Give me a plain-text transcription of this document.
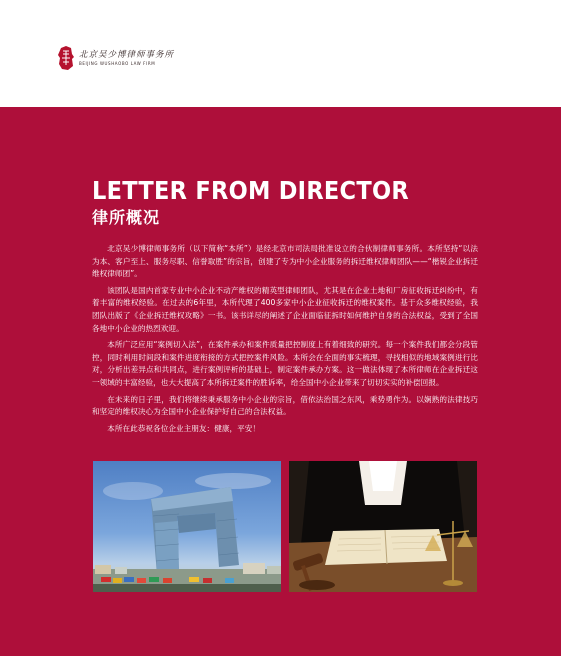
北京吴少博律师事务所
BEIJING WUSHAOBO LAW FIRM
LETTER FROM DIRECTOR
律所概况

北京吴少博律师事务所（以下简称“本所”）是经北京市司法局批准设立的合伙制律师事务所。本所坚持“以法为本、客户至上、服务尽职、信誉取胜”的宗旨，创建了专为中小企业服务的拆迁维权律师团队——“楷锐企业拆迁维权律师团”。

该团队是国内首家专业中小企业不动产维权的精英型律师团队，尤其是在企业土地和厂房征收拆迁纠纷中，有着丰富的维权经验。在过去的6年里，本所代理了400多家中小企业征收拆迁的维权案件。基于众多维权经验，我团队出版了《企业拆迁维权攻略》一书。该书详尽的阐述了企业面临征拆时如何维护自身的合法权益，受到了全国各地中小企业的热烈欢迎。

本所广泛应用“案例切入法”，在案件承办和案件质量把控制度上有着细致的研究。每一个案件我们都会分段管控，同时利用时间段和案件进度衔接的方式把控案件风险。本所会在全面的事实梳理，寻找相似的地域案例进行比对，分析出差异点和共同点，进行案例评析的基础上，制定案件承办方案。这一做法体现了本所律师在企业拆迁这一领域的丰富经验，也大大提高了本所拆迁案件的胜诉率，给全国中小企业带来了切切实实的补偿回报。

在未来的日子里，我们将继续秉承服务中小企业的宗旨，借依法治国之东风，乘势勇作为。以娴熟的法律技巧和坚定的维权决心为全国中小企业保护好自己的合法权益。

本所在此恭祝各位企业主朋友：健康，平安！
